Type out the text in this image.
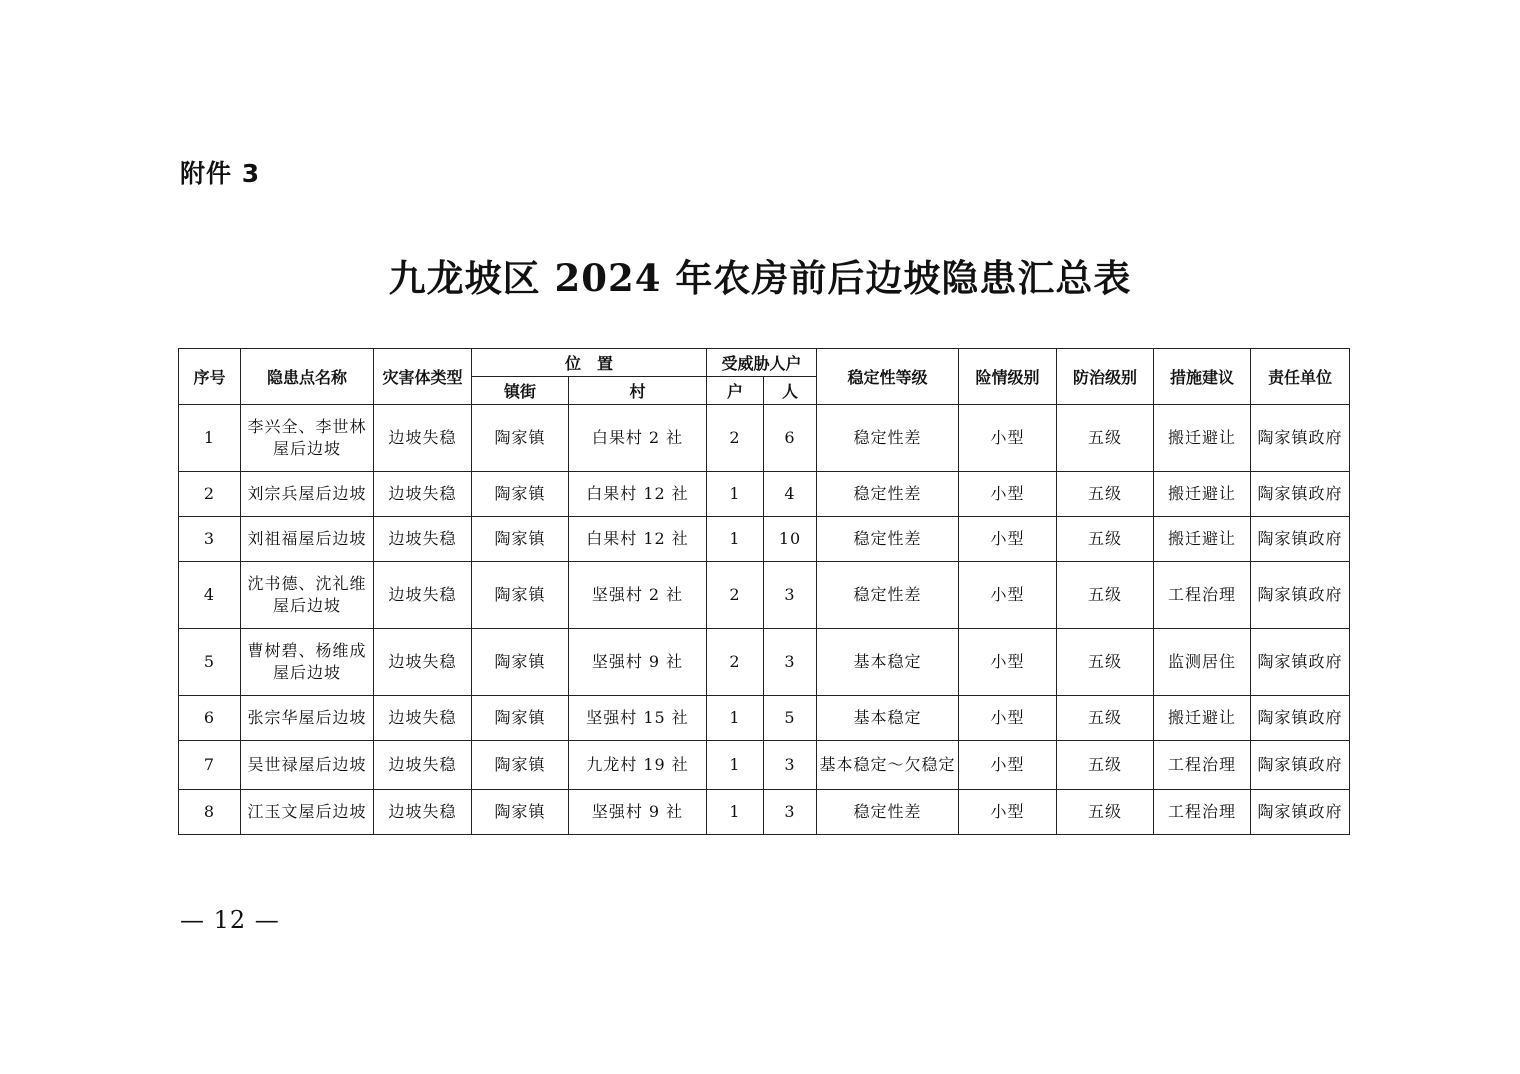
附件 3
九龙坡区 2024 年农房前后边坡隐患汇总表
序号	隐患点名称	灾害体类型	位　置		受威胁人户		稳定性等级	险情级别	防治级别	措施建议	责任单位
			镇街	村	户	人					
1	李兴全、李世林屋后边坡	边坡失稳	陶家镇	白果村 2 社	2	6	稳定性差	小型	五级	搬迁避让	陶家镇政府
2	刘宗兵屋后边坡	边坡失稳	陶家镇	白果村 12 社	1	4	稳定性差	小型	五级	搬迁避让	陶家镇政府
3	刘祖福屋后边坡	边坡失稳	陶家镇	白果村 12 社	1	10	稳定性差	小型	五级	搬迁避让	陶家镇政府
4	沈书德、沈礼维屋后边坡	边坡失稳	陶家镇	坚强村 2 社	2	3	稳定性差	小型	五级	工程治理	陶家镇政府
5	曹树碧、杨维成屋后边坡	边坡失稳	陶家镇	坚强村 9 社	2	3	基本稳定	小型	五级	监测居住	陶家镇政府
6	张宗华屋后边坡	边坡失稳	陶家镇	坚强村 15 社	1	5	基本稳定	小型	五级	搬迁避让	陶家镇政府
7	吴世禄屋后边坡	边坡失稳	陶家镇	九龙村 19 社	1	3	基本稳定～欠稳定	小型	五级	工程治理	陶家镇政府
8	江玉文屋后边坡	边坡失稳	陶家镇	坚强村 9 社	1	3	稳定性差	小型	五级	工程治理	陶家镇政府
— 12 —
